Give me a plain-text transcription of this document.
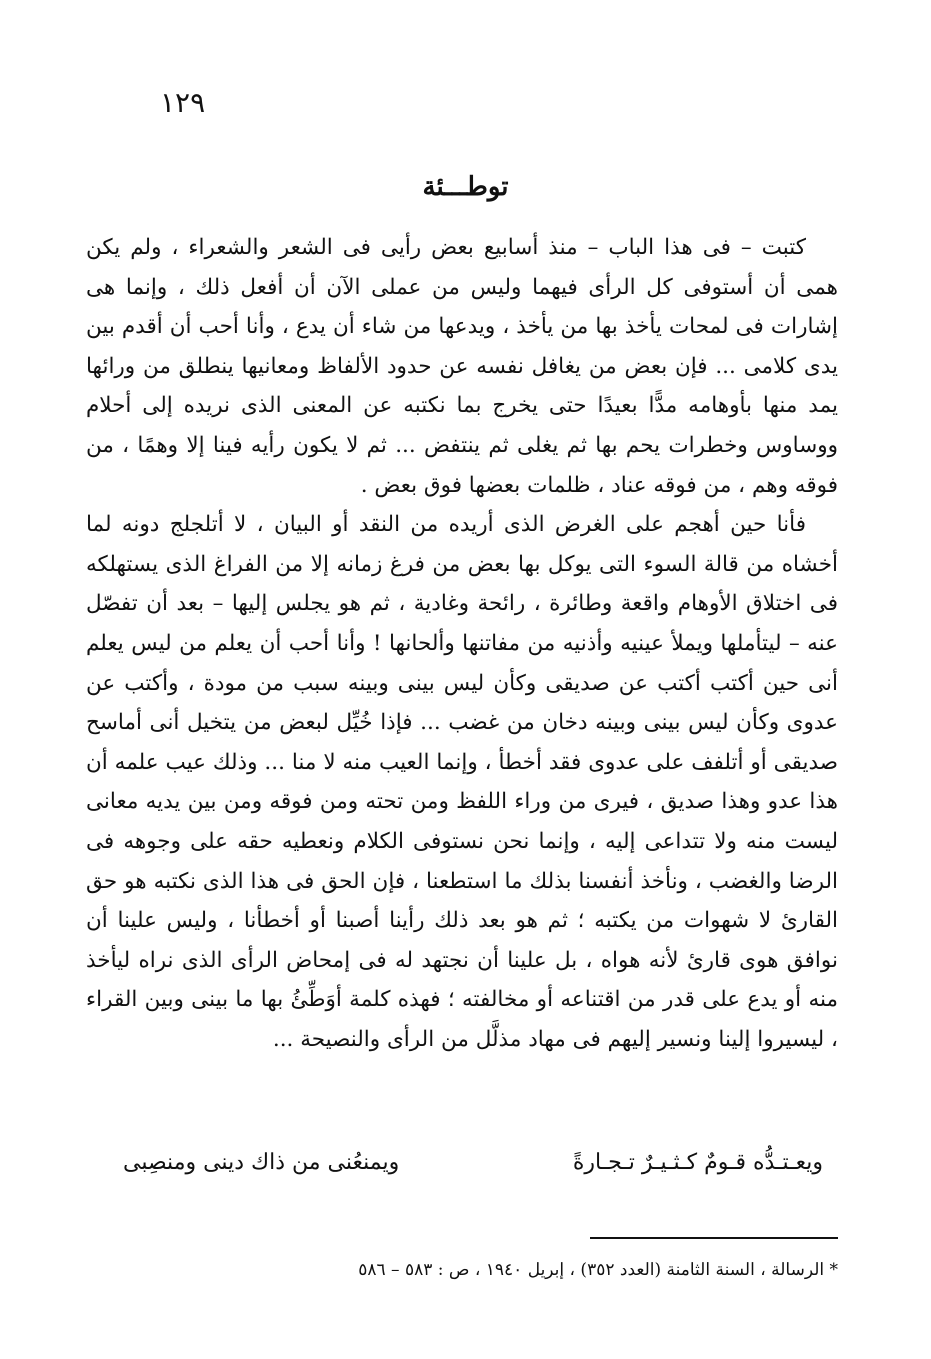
١٢٩
توطـــئة

كتبت – فى هذا الباب – منذ أسابيع بعض رأيى فى الشعر والشعراء ، ولم يكن همى أن أستوفى كل الرأى فيهما وليس من عملى الآن أن أفعل ذلك ، وإنما هى إشارات فى لمحات يأخذ بها من يأخذ ، ويدعها من شاء أن يدع ، وأنا أحب أن أقدم بين يدى كلامى ... فإن بعض من يغافل نفسه عن حدود الألفاظ ومعانيها ينطلق من ورائها يمد منها بأوهامه مدًّا بعيدًا حتى يخرج بما نكتبه عن المعنى الذى نريده إلى أحلام ووساوس وخطرات يحم بها ثم يغلى ثم ينتفض ... ثم لا يكون رأيه فينا إلا وهمًا ، من فوقه وهم ، من فوقه عناد ، ظلمات بعضها فوق بعض .

فأنا حين أهجم على الغرض الذى أريده من النقد أو البيان ، لا أتلجلج دونه لما أخشاه من قالة السوء التى يوكل بها بعض من فرغ زمانه إلا من الفراغ الذى يستهلكه فى اختلاق الأوهام واقعة وطائرة ، رائحة وغادية ، ثم هو يجلس إليها – بعد أن تفصّل عنه – ليتأملها ويملأ عينيه وأذنيه من مفاتنها وألحانها ! وأنا أحب أن يعلم من ليس يعلم أنى حين أكتب أكتب عن صديقى وكأن ليس بينى وبينه سبب من مودة ، وأكتب عن عدوى وكأن ليس بينى وبينه دخان من غضب ... فإذا خُيِّل لبعض من يتخيل أنى أماسح صديقى أو أتلفف على عدوى فقد أخطأ ، وإنما العيب منه لا منا ... وذلك عيب علمه أن هذا عدو وهذا صديق ، فيرى من وراء اللفظ ومن تحته ومن فوقه ومن بين يديه معانى ليست منه ولا تتداعى إليه ، وإنما نحن نستوفى الكلام ونعطيه حقه على وجوهه فى الرضا والغضب ، ونأخذ أنفسنا بذلك ما استطعنا ، فإن الحق فى هذا الذى نكتبه هو حق القارئ لا شهوات من يكتبه ؛ ثم هو بعد ذلك رأينا أصبنا أو أخطأنا ، وليس علينا أن نوافق هوى قارئ لأنه هواه ، بل علينا أن نجتهد له فى إمحاض الرأى الذى نراه ليأخذ منه أو يدع على قدر من اقتناعه أو مخالفته ؛ فهذه كلمة أوَطِّئُ بها ما بينى وبين القراء ، ليسيروا إلينا ونسير إليهم فى مهاد مذلَّل من الرأى والنصيحة ...

ويعـتـدُّه قـومٌ كـثـيـرٌ تـجـارةً
ويمنعُنى من ذاك دينى ومنصِبى
* الرسالة ، السنة الثامنة (العدد ٣٥٢) ، إبريل ١٩٤٠ ، ص : ٥٨٣ – ٥٨٦
